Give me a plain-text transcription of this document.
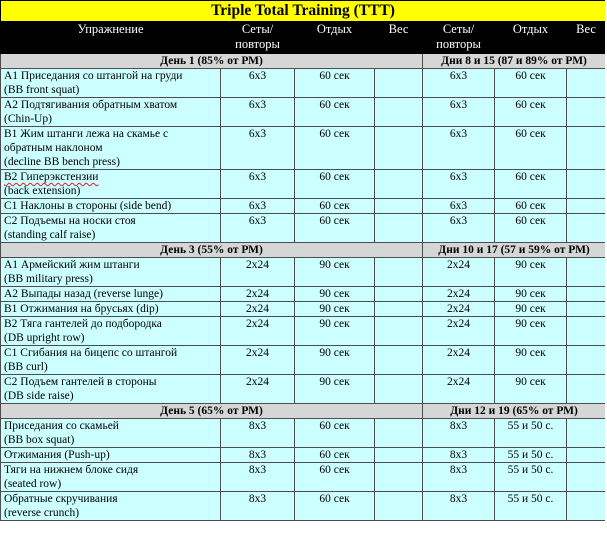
Triple Total Training (TTT)						
Упражнение	Сеты/
повторы	Отдых	Вес	Сеты/
повторы	Отдых	Вес
День 1 (85% от РМ)				Дни 8 и 15 (87 и 89% от РМ)		
A1 Приседания со штангой на груди
(BB front squat)	6x3	60 сек		6x3	60 сек	
A2 Подтягивания обратным хватом
(Chin-Up)	6x3	60 сек		6x3	60 сек	
B1 Жим штанги лежа на скамье с
обратным наклоном
(decline BB bench press)	6x3	60 сек		6x3	60 сек	
B2 Гиперэкстензии
(back extension)	6x3	60 сек		6x3	60 сек	
C1 Наклоны в стороны (side bend)	6x3	60 сек		6x3	60 сек	
C2 Подъемы на носки стоя
(standing calf raise)	6x3	60 сек		6x3	60 сек	
День 3 (55% от РМ)				Дни 10 и 17 (57 и 59% от РМ)		
A1 Армейский жим штанги
(BB military press)	2x24	90 сек		2x24	90 сек	
A2 Выпады назад (reverse lunge)	2x24	90 сек		2x24	90 сек	
B1 Отжимания на брусьях (dip)	2x24	90 сек		2x24	90 сек	
B2 Тяга гантелей до подбородка
(DB upright row)	2x24	90 сек		2x24	90 сек	
C1 Сгибания на бицепс со штангой
(BB curl)	2x24	90 сек		2x24	90 сек	
C2 Подъем гантелей в стороны
(DB side raise)	2x24	90 сек		2x24	90 сек	
День 5 (65% от РМ)				Дни 12 и 19 (65% от РМ)		
Приседания со скамьей
(BB box squat)	8x3	60 сек		8x3	55 и 50 с.	
Отжимания (Push-up)	8x3	60 сек		8x3	55 и 50 с.	
Тяги на нижнем блоке сидя
(seated row)	8x3	60 сек		8x3	55 и 50 с.	
Обратные скручивания
(reverse crunch)	8x3	60 сек		8x3	55 и 50 с.	
